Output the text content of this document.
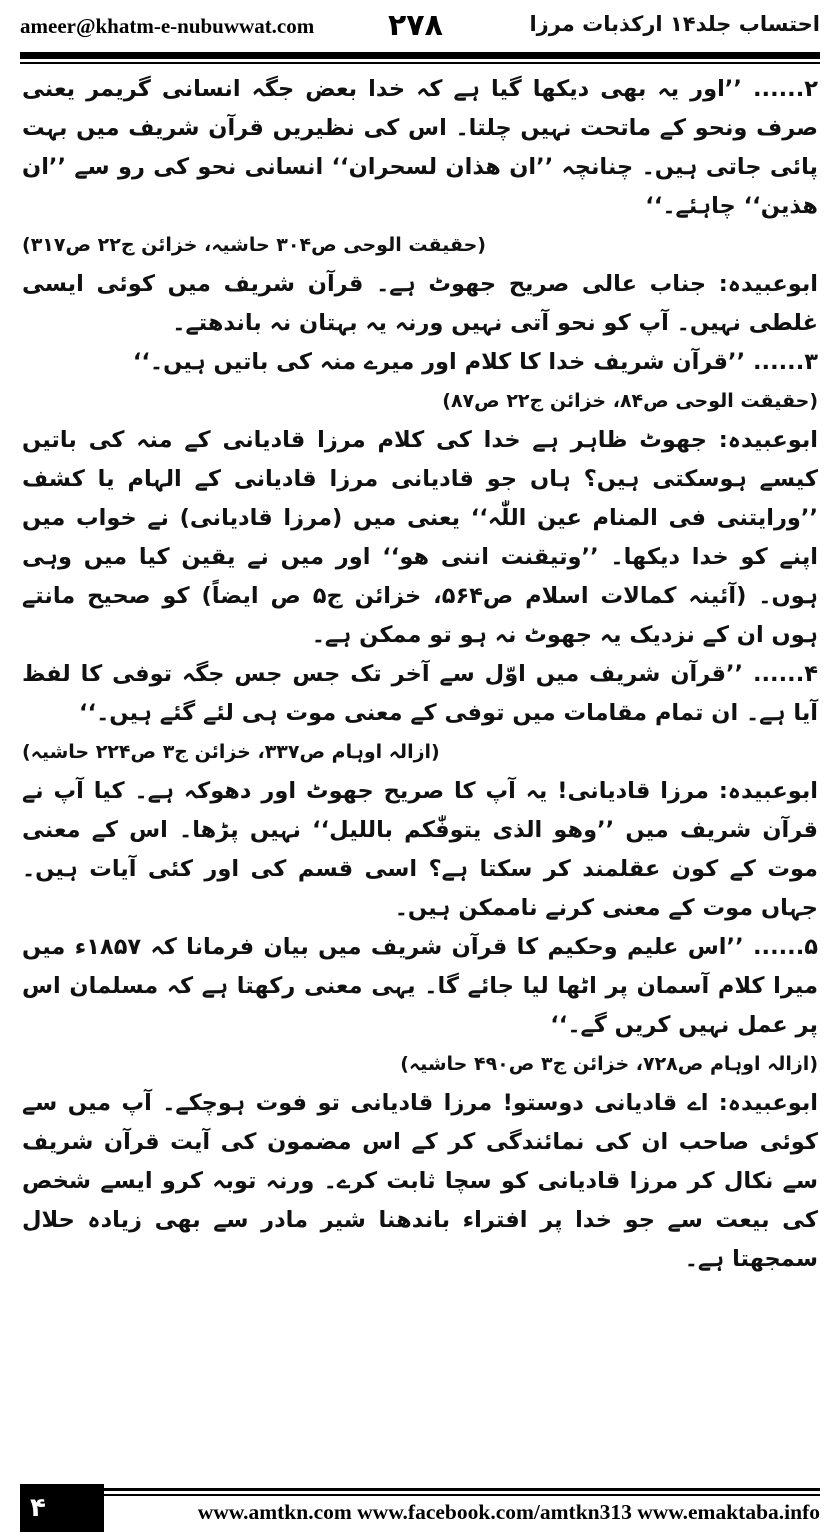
ameer@khatm-e-nubuwwat.com ۲۷۸	احتساب جلد۱۴ ارکذبات مرزا

۲...... ’’اور یہ بھی دیکھا گیا ہے کہ خدا بعض جگہ انسانی گریمر یعنی صرف ونحو کے ماتحت نہیں چلتا۔ اس کی نظیریں قرآن شریف میں بہت پائی جاتی ہیں۔ چنانچہ ’’ان ھذان لسحران‘‘ انسانی نحو کی رو سے ’’ان ھذین‘‘ چاہئے۔‘‘

(حقیقت الوحی ص۳۰۴ حاشیہ، خزائن ج۲۲ ص۳۱۷)

ابوعبیدہ: جناب عالی صریح جھوٹ ہے۔ قرآن شریف میں کوئی ایسی غلطی نہیں۔ آپ کو نحو آتی نہیں ورنہ یہ بہتان نہ باندھتے۔

۳...... ’’قرآن شریف خدا کا کلام اور میرے منہ کی باتیں ہیں۔‘‘

(حقیقت الوحی ص۸۴، خزائن ج۲۲ ص۸۷)

ابوعبیدہ: جھوٹ ظاہر ہے خدا کی کلام مرزا قادیانی کے منہ کی باتیں کیسے ہوسکتی ہیں؟ ہاں جو قادیانی مرزا قادیانی کے الہام یا کشف ’’ورایتنی فی المنام عین اللّٰہ‘‘ یعنی میں (مرزا قادیانی) نے خواب میں اپنے کو خدا دیکھا۔ ’’وتیقنت اننی ھو‘‘ اور میں نے یقین کیا میں وہی ہوں۔ (آئینہ کمالات اسلام ص۵۶۴، خزائن ج۵ ص ایضاً) کو صحیح مانتے ہوں ان کے نزدیک یہ جھوٹ نہ ہو تو ممکن ہے۔

۴...... ’’قرآن شریف میں اوّل سے آخر تک جس جس جگہ توفی کا لفظ آیا ہے۔ ان تمام مقامات میں توفی کے معنی موت ہی لئے گئے ہیں۔‘‘

(ازالہ اوہام ص۳۳۷، خزائن ج۳ ص۲۲۴ حاشیہ)

ابوعبیدہ: مرزا قادیانی! یہ آپ کا صریح جھوٹ اور دھوکہ ہے۔ کیا آپ نے قرآن شریف میں ’’وھو الذی یتوفّٰکم باللیل‘‘ نہیں پڑھا۔ اس کے معنی موت کے کون عقلمند کر سکتا ہے؟ اسی قسم کی اور کئی آیات ہیں۔ جہاں موت کے معنی کرنے ناممکن ہیں۔

۵...... ’’اس علیم وحکیم کا قرآن شریف میں بیان فرمانا کہ ۱۸۵۷ء میں میرا کلام آسمان پر اٹھا لیا جائے گا۔ یہی معنی رکھتا ہے کہ مسلمان اس پر عمل نہیں کریں گے۔‘‘

(ازالہ اوہام ص۷۲۸، خزائن ج۳ ص۴۹۰ حاشیہ)

ابوعبیدہ: اے قادیانی دوستو! مرزا قادیانی تو فوت ہوچکے۔ آپ میں سے کوئی صاحب ان کی نمائندگی کر کے اس مضمون کی آیت قرآن شریف سے نکال کر مرزا قادیانی کو سچا ثابت کرے۔ ورنہ توبہ کرو ایسے شخص کی بیعت سے جو خدا پر افتراء باندھنا شیر مادر سے بھی زیادہ حلال سمجھتا ہے۔

۴	www.amtkn.com www.facebook.com/amtkn313 www.emaktaba.info
